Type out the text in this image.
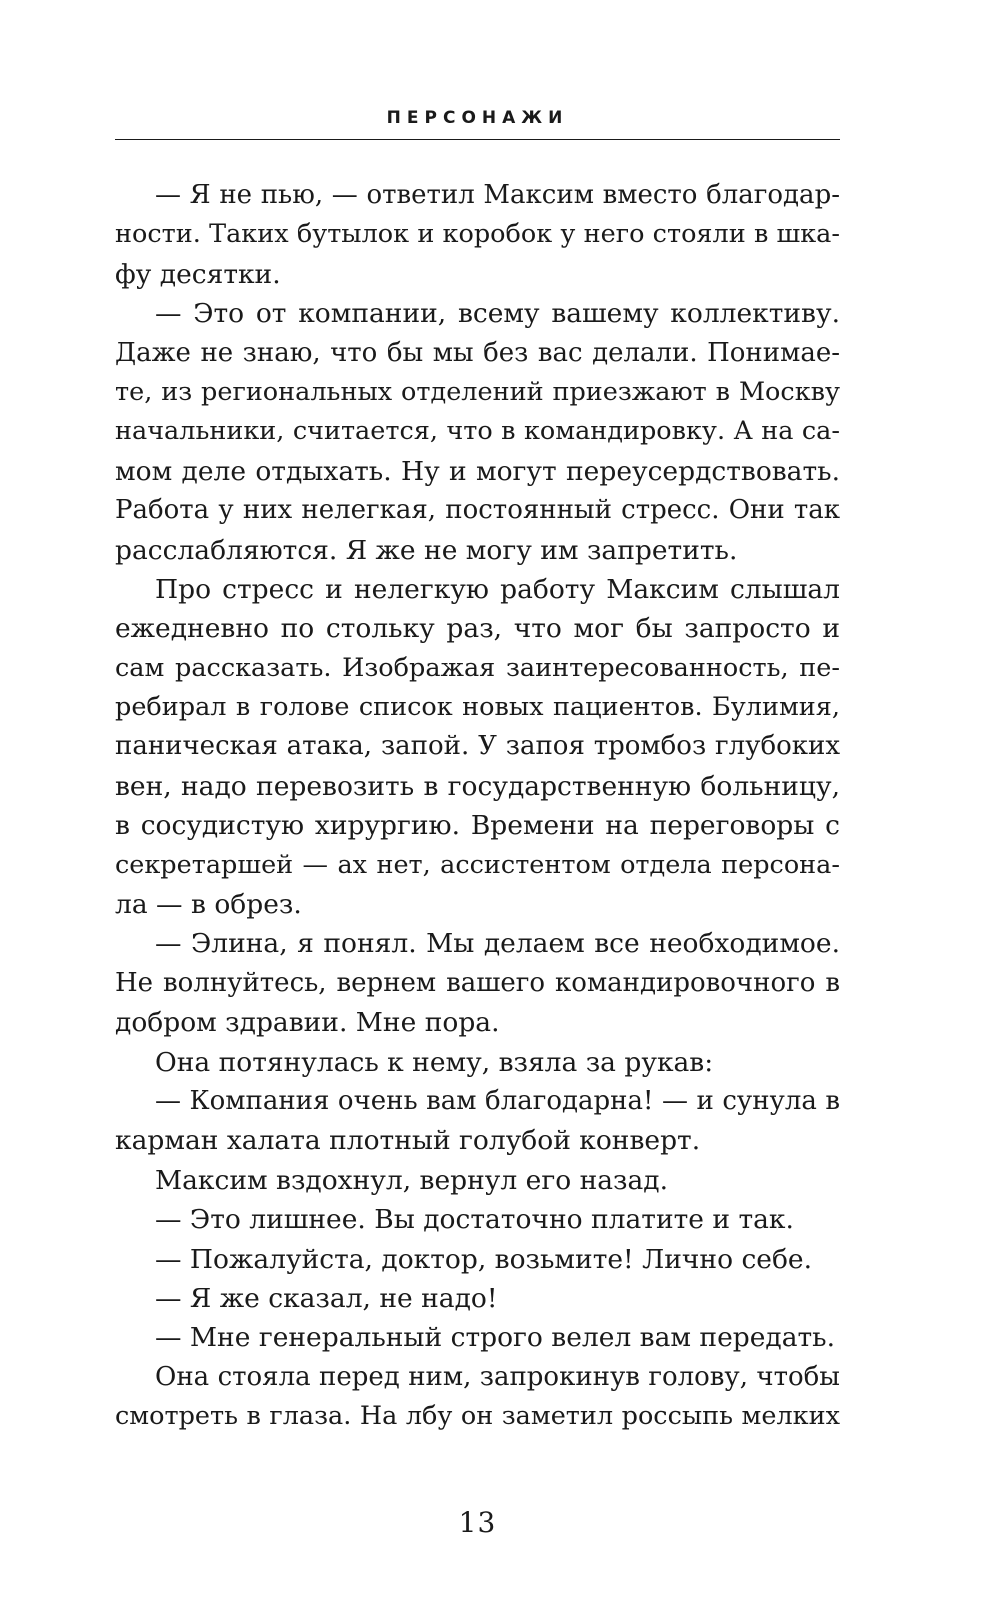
ПЕРСОНАЖИ
— Я не пью, — ответил Максим вместо благодар-
ности. Таких бутылок и коробок у него стояли в шка-
фу десятки.
— Это от компании, всему вашему коллективу.
Даже не знаю, что бы мы без вас делали. Понимае-
те, из региональных отделений приезжают в Москву
начальники, считается, что в командировку. А на са-
мом деле отдыхать. Ну и могут переусердствовать.
Работа у них нелегкая, постоянный стресс. Они так
расслабляются. Я же не могу им запретить.
Про стресс и нелегкую работу Максим слышал
ежедневно по стольку раз, что мог бы запросто и
сам рассказать. Изображая заинтересованность, пе-
ребирал в голове список новых пациентов. Булимия,
паническая атака, запой. У запоя тромбоз глубоких
вен, надо перевозить в государственную больницу,
в сосудистую хирургию. Времени на переговоры с
секретаршей — ах нет, ассистентом отдела персона-
ла — в обрез.
— Элина, я понял. Мы делаем все необходимое.
Не волнуйтесь, вернем вашего командировочного в
добром здравии. Мне пора.
Она потянулась к нему, взяла за рукав:
— Компания очень вам благодарна! — и сунула в
карман халата плотный голубой конверт.
Максим вздохнул, вернул его назад.
— Это лишнее. Вы достаточно платите и так.
— Пожалуйста, доктор, возьмите! Лично себе.
— Я же сказал, не надо!
— Мне генеральный строго велел вам передать.
Она стояла перед ним, запрокинув голову, чтобы
смотреть в глаза. На лбу он заметил россыпь мелких
13
